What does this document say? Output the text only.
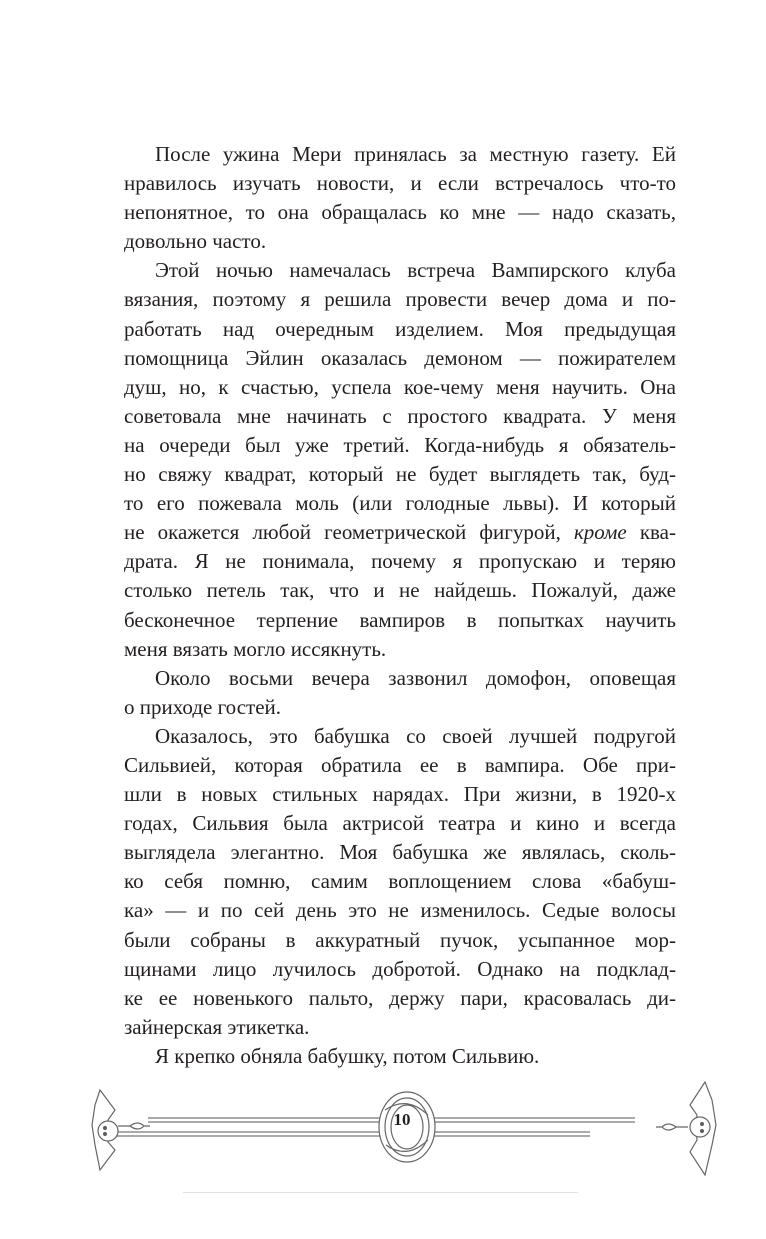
После ужина Мери принялась за местную газету. Ей
нравилось изучать новости, и если встречалось что-то
непонятное, то она обращалась ко мне — надо сказать,
довольно часто.
Этой ночью намечалась встреча Вампирского клуба
вязания, поэтому я решила провести вечер дома и по-
работать над очередным изделием. Моя предыдущая
помощница Эйлин оказалась демоном — пожирателем
душ, но, к счастью, успела кое-чему меня научить. Она
советовала мне начинать с простого квадрата. У меня
на очереди был уже третий. Когда-нибудь я обязатель-
но свяжу квадрат, который не будет выглядеть так, буд-
то его пожевала моль (или голодные львы). И который
не окажется любой геометрической фигурой, кроме ква-
драта. Я не понимала, почему я пропускаю и теряю
столько петель так, что и не найдешь. Пожалуй, даже
бесконечное терпение вампиров в попытках научить
меня вязать могло иссякнуть.
Около восьми вечера зазвонил домофон, оповещая
о приходе гостей.
Оказалось, это бабушка со своей лучшей подругой
Сильвией, которая обратила ее в вампира. Обе при-
шли в новых стильных нарядах. При жизни, в 1920-х
годах, Сильвия была актрисой театра и кино и всегда
выглядела элегантно. Моя бабушка же являлась, сколь-
ко себя помню, самим воплощением слова «бабуш-
ка» — и по сей день это не изменилось. Седые волосы
были собраны в аккуратный пучок, усыпанное мор-
щинами лицо лучилось добротой. Однако на подклад-
ке ее новенького пальто, держу пари, красовалась ди-
зайнерская этикетка.
Я крепко обняла бабушку, потом Сильвию.
10
